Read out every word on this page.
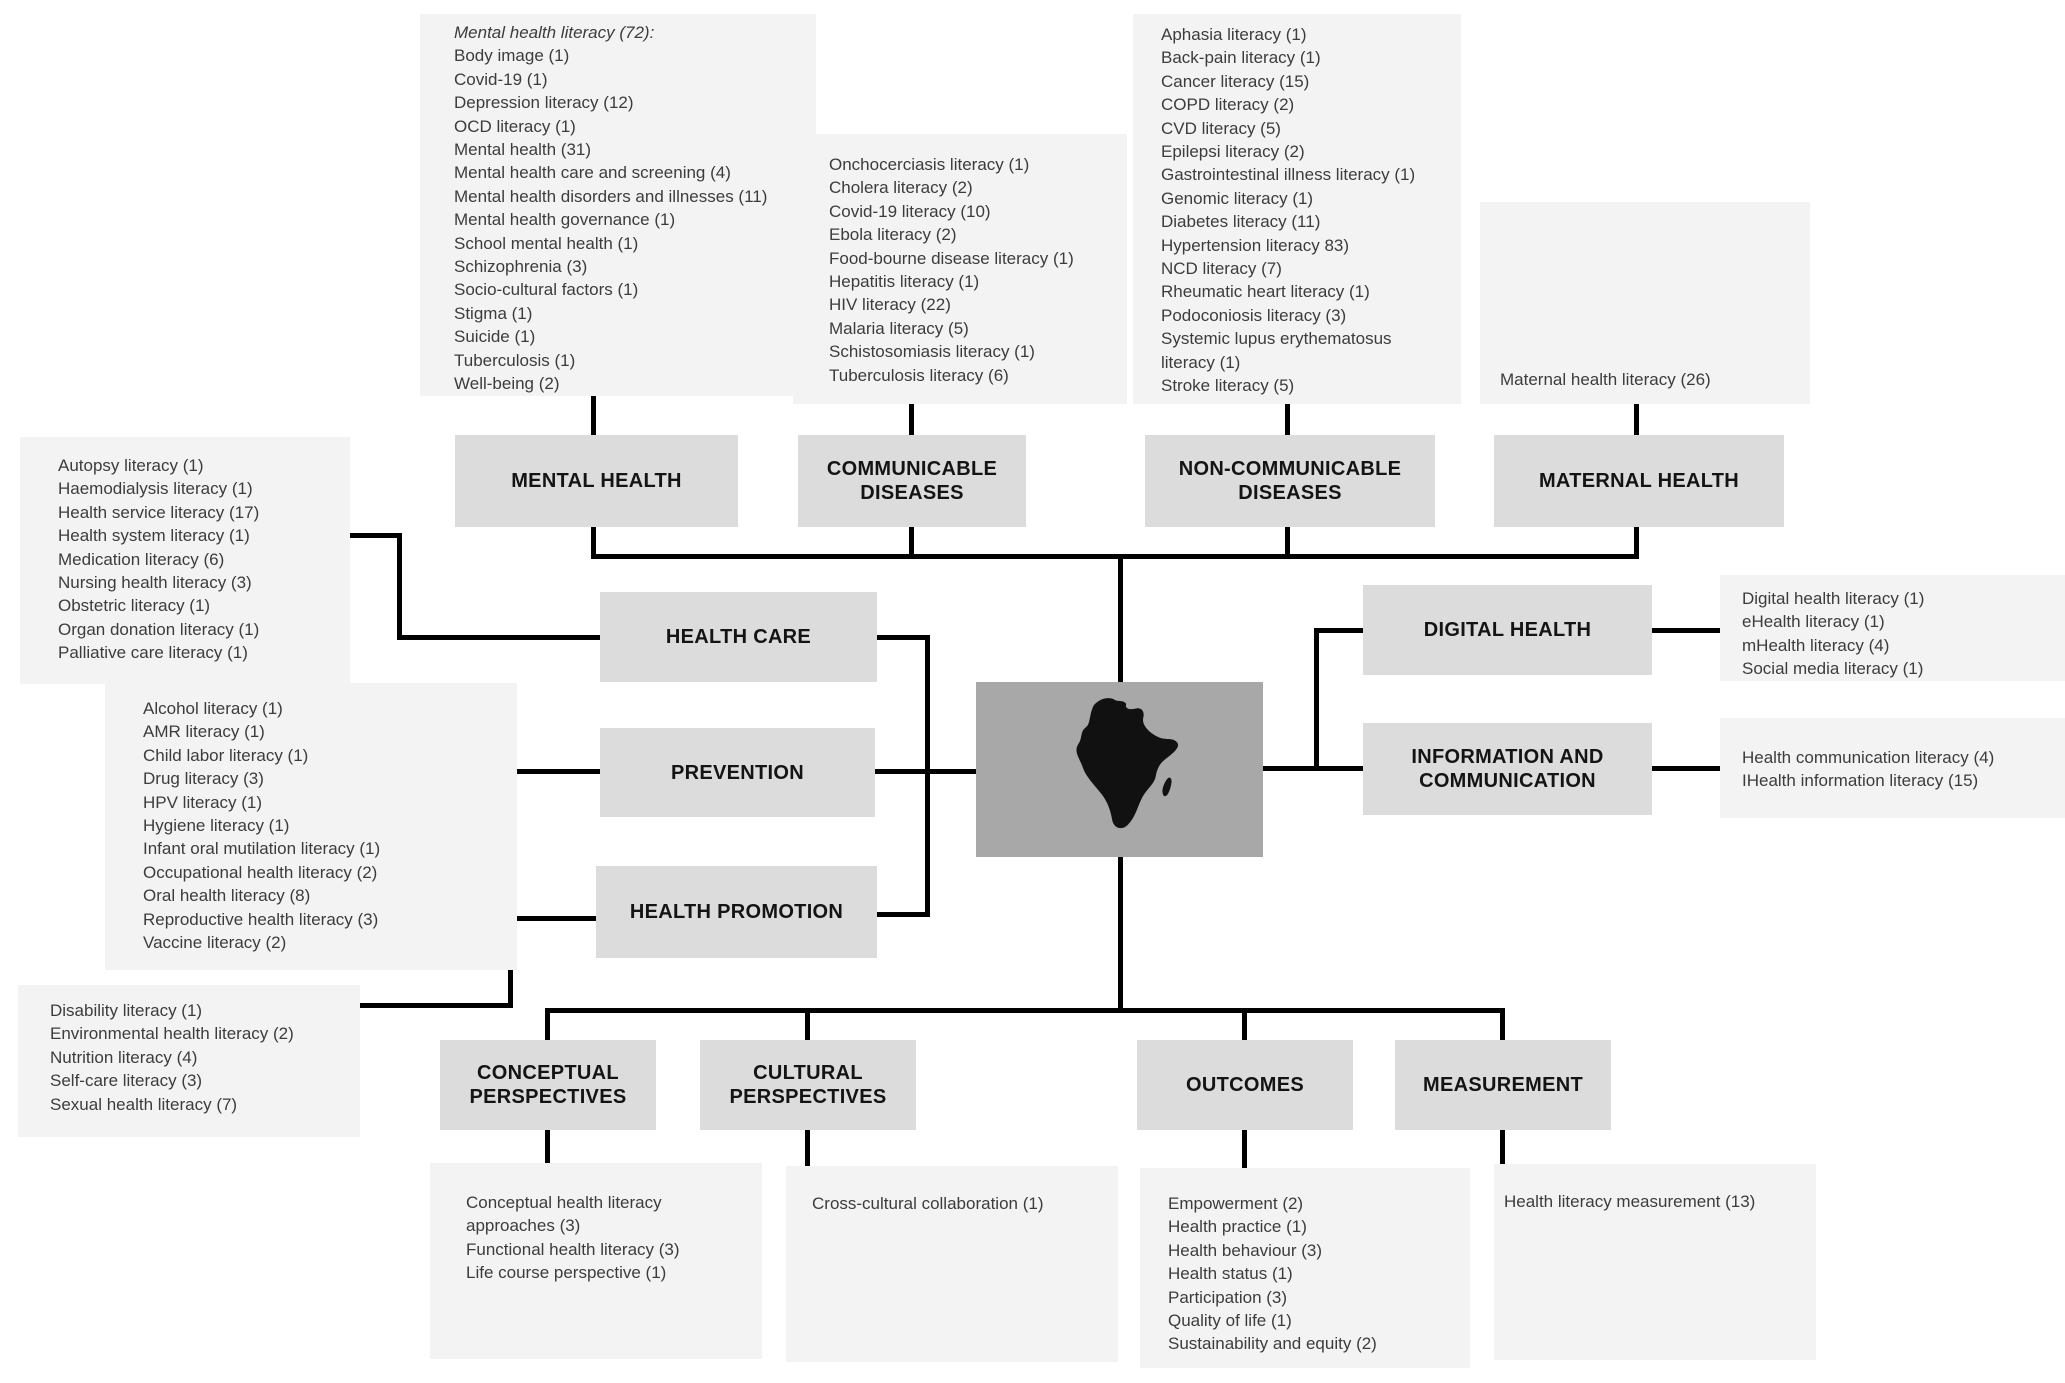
Mental health literacy (72):
Body image (1)
Covid-19 (1)
Depression literacy (12)
OCD literacy (1)
Mental health (31)
Mental health care and screening (4)
Mental health disorders and illnesses (11)
Mental health governance (1)
School mental health (1)
Schizophrenia (3)
Socio-cultural factors (1)
Stigma (1)
Suicide (1)
Tuberculosis (1)
Well-being (2)
Onchocerciasis literacy (1)
Cholera literacy (2)
Covid-19 literacy (10)
Ebola literacy (2)
Food-bourne disease literacy (1)
Hepatitis literacy (1)
HIV literacy (22)
Malaria literacy (5)
Schistosomiasis literacy (1)
Tuberculosis literacy (6)
Aphasia literacy (1)
Back-pain literacy (1)
Cancer literacy (15)
COPD literacy (2)
CVD literacy (5)
Epilepsi literacy (2)
Gastrointestinal illness literacy (1)
Genomic literacy (1)
Diabetes literacy (11)
Hypertension literacy 83)
NCD literacy (7)
Rheumatic heart literacy (1)
Podoconiosis literacy (3)
Systemic lupus erythematosus
literacy (1)
Stroke literacy (5)	Maternal health literacy (26)
Autopsy literacy (1)
Haemodialysis literacy (1)
Health service literacy (17)
Health system literacy (1)
Medication literacy (6)
Nursing health literacy (3)
Obstetric literacy (1)
Organ donation literacy (1)
Palliative care literacy (1)
Alcohol literacy (1)
AMR literacy (1)
Child labor literacy (1)
Drug literacy (3)
HPV literacy (1)
Hygiene literacy (1)
Infant oral mutilation literacy (1)
Occupational health literacy (2)
Oral health literacy (8)
Reproductive health literacy (3)
Vaccine literacy (2)
Disability literacy (1)
Environmental health literacy (2)
Nutrition literacy (4)
Self-care literacy (3)
Sexual health literacy (7)
Digital health literacy (1)
eHealth literacy (1)
mHealth literacy (4)
Social media literacy (1)
Health communication literacy (4)
IHealth information literacy (15)
Conceptual health literacy approaches (3)
Functional health literacy (3)
Life course perspective (1)
Cross-cultural collaboration (1)	Empowerment (2)
Health practice (1)
Health behaviour (3)
Health status (1)
Participation (3)
Quality of life (1)
Sustainability and equity (2)
Health literacy measurement (13)
MENTAL HEALTH
COMMUNICABLE DISEASES
NON-COMMUNICABLE DISEASES
MATERNAL HEALTH
HEALTH CARE
PREVENTION
HEALTH PROMOTION
DIGITAL HEALTH
INFORMATION AND COMMUNICATION
CONCEPTUAL PERSPECTIVES
CULTURAL PERSPECTIVES
OUTCOMES	MEASUREMENT
